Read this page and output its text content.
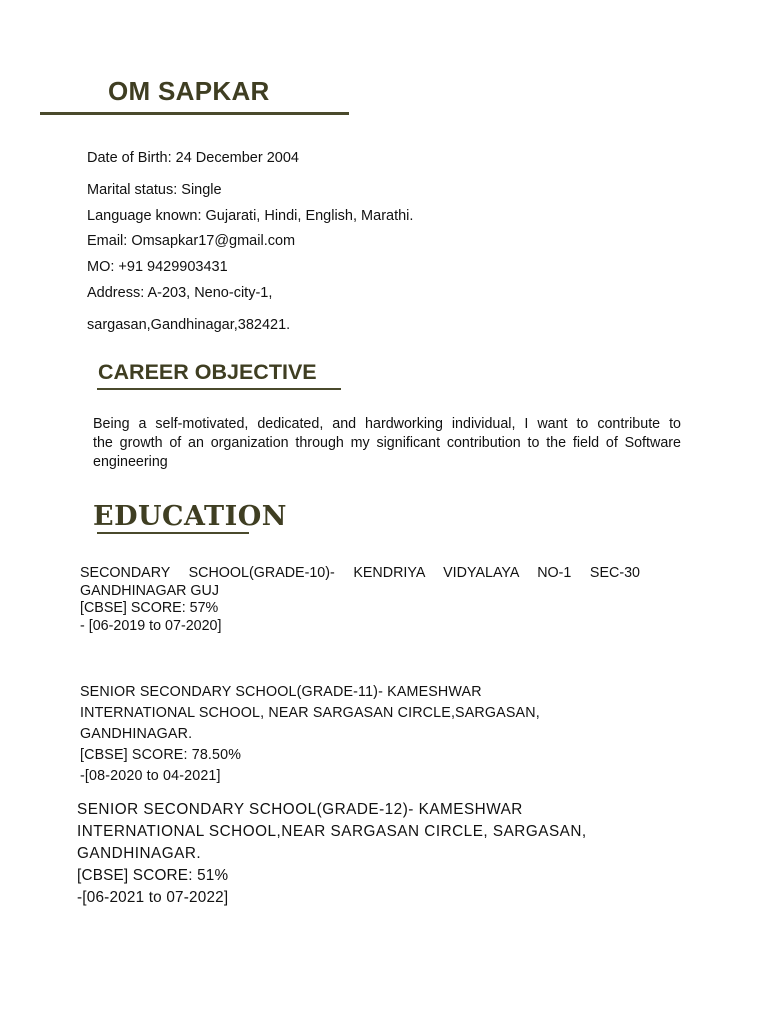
OM SAPKAR
Date of Birth: 24 December 2004
Marital status: Single
Language known: Gujarati, Hindi, English, Marathi.
Email: Omsapkar17@gmail.com
MO: +91 9429903431
Address: A-203, Neno-city-1,
sargasan,Gandhinagar,382421.
CAREER OBJECTIVE
Being a self-motivated, dedicated, and hardworking individual, I want to contribute to
the growth of an organization through my significant contribution to the field of Software
engineering
EDUCATION
SECONDARY SCHOOL(GRADE-10)- KENDRIYA VIDYALAYA NO-1 SEC-30
GANDHINAGAR GUJ
[CBSE] SCORE: 57%
- [06-2019 to 07-2020]
SENIOR SECONDARY SCHOOL(GRADE-11)- KAMESHWAR
INTERNATIONAL SCHOOL, NEAR SARGASAN CIRCLE,SARGASAN,
GANDHINAGAR.
[CBSE] SCORE: 78.50%
-[08-2020 to 04-2021]
SENIOR SECONDARY SCHOOL(GRADE-12)- KAMESHWAR
INTERNATIONAL SCHOOL,NEAR SARGASAN CIRCLE, SARGASAN,
GANDHINAGAR.
[CBSE] SCORE: 51%
-[06-2021 to 07-2022]
